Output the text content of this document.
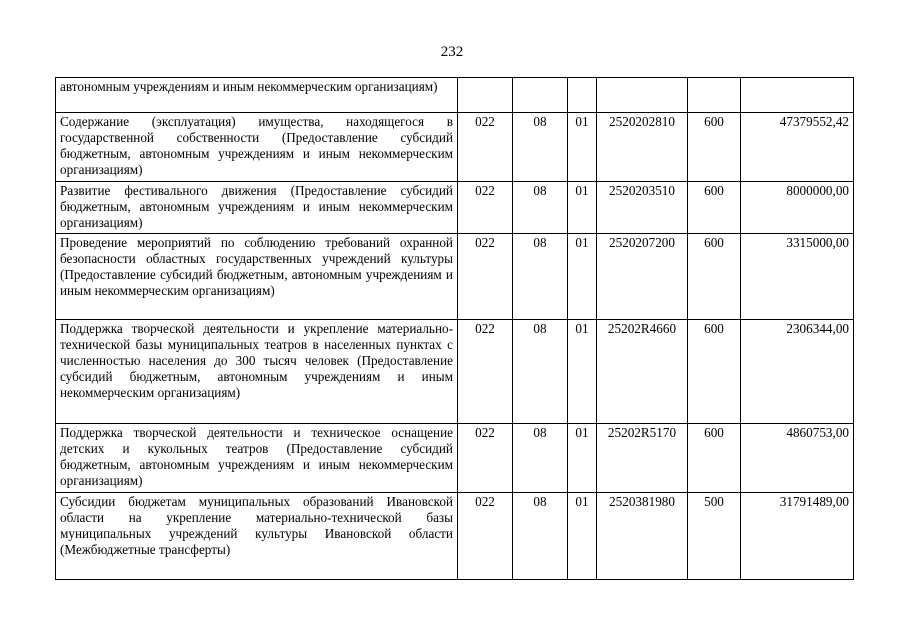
232
автономным учреждениям и иным некоммерческим организациям)						
Содержание (эксплуатация) имущества, находящегося в государственной собственности (Предоставление субсидий бюджетным, автономным учреждениям и иным некоммерческим организациям)	022	08	01	2520202810	600	47379552,42
Развитие фестивального движения (Предоставление субсидий бюджетным, автономным учреждениям и иным некоммерческим организациям)	022	08	01	2520203510	600	8000000,00
Проведение мероприятий по соблюдению требований охранной безопасности областных государственных учреждений культуры (Предоставление субсидий бюджетным, автономным учреждениям и иным некоммерческим организациям)	022	08	01	2520207200	600	3315000,00
Поддержка творческой деятельности и укрепление материально-технической базы муниципальных театров в населенных пунктах с численностью населения до 300 тысяч человек (Предоставление субсидий бюджетным, автономным учреждениям и иным некоммерческим организациям)	022	08	01	25202R4660	600	2306344,00
Поддержка творческой деятельности и техническое оснащение детских и кукольных театров (Предоставление субсидий бюджетным, автономным учреждениям и иным некоммерческим организациям)	022	08	01	25202R5170	600	4860753,00
Субсидии бюджетам муниципальных образований Ивановской области на укрепление материально-технической базы муниципальных учреждений культуры Ивановской области (Межбюджетные трансферты)	022	08	01	2520381980	500	31791489,00
